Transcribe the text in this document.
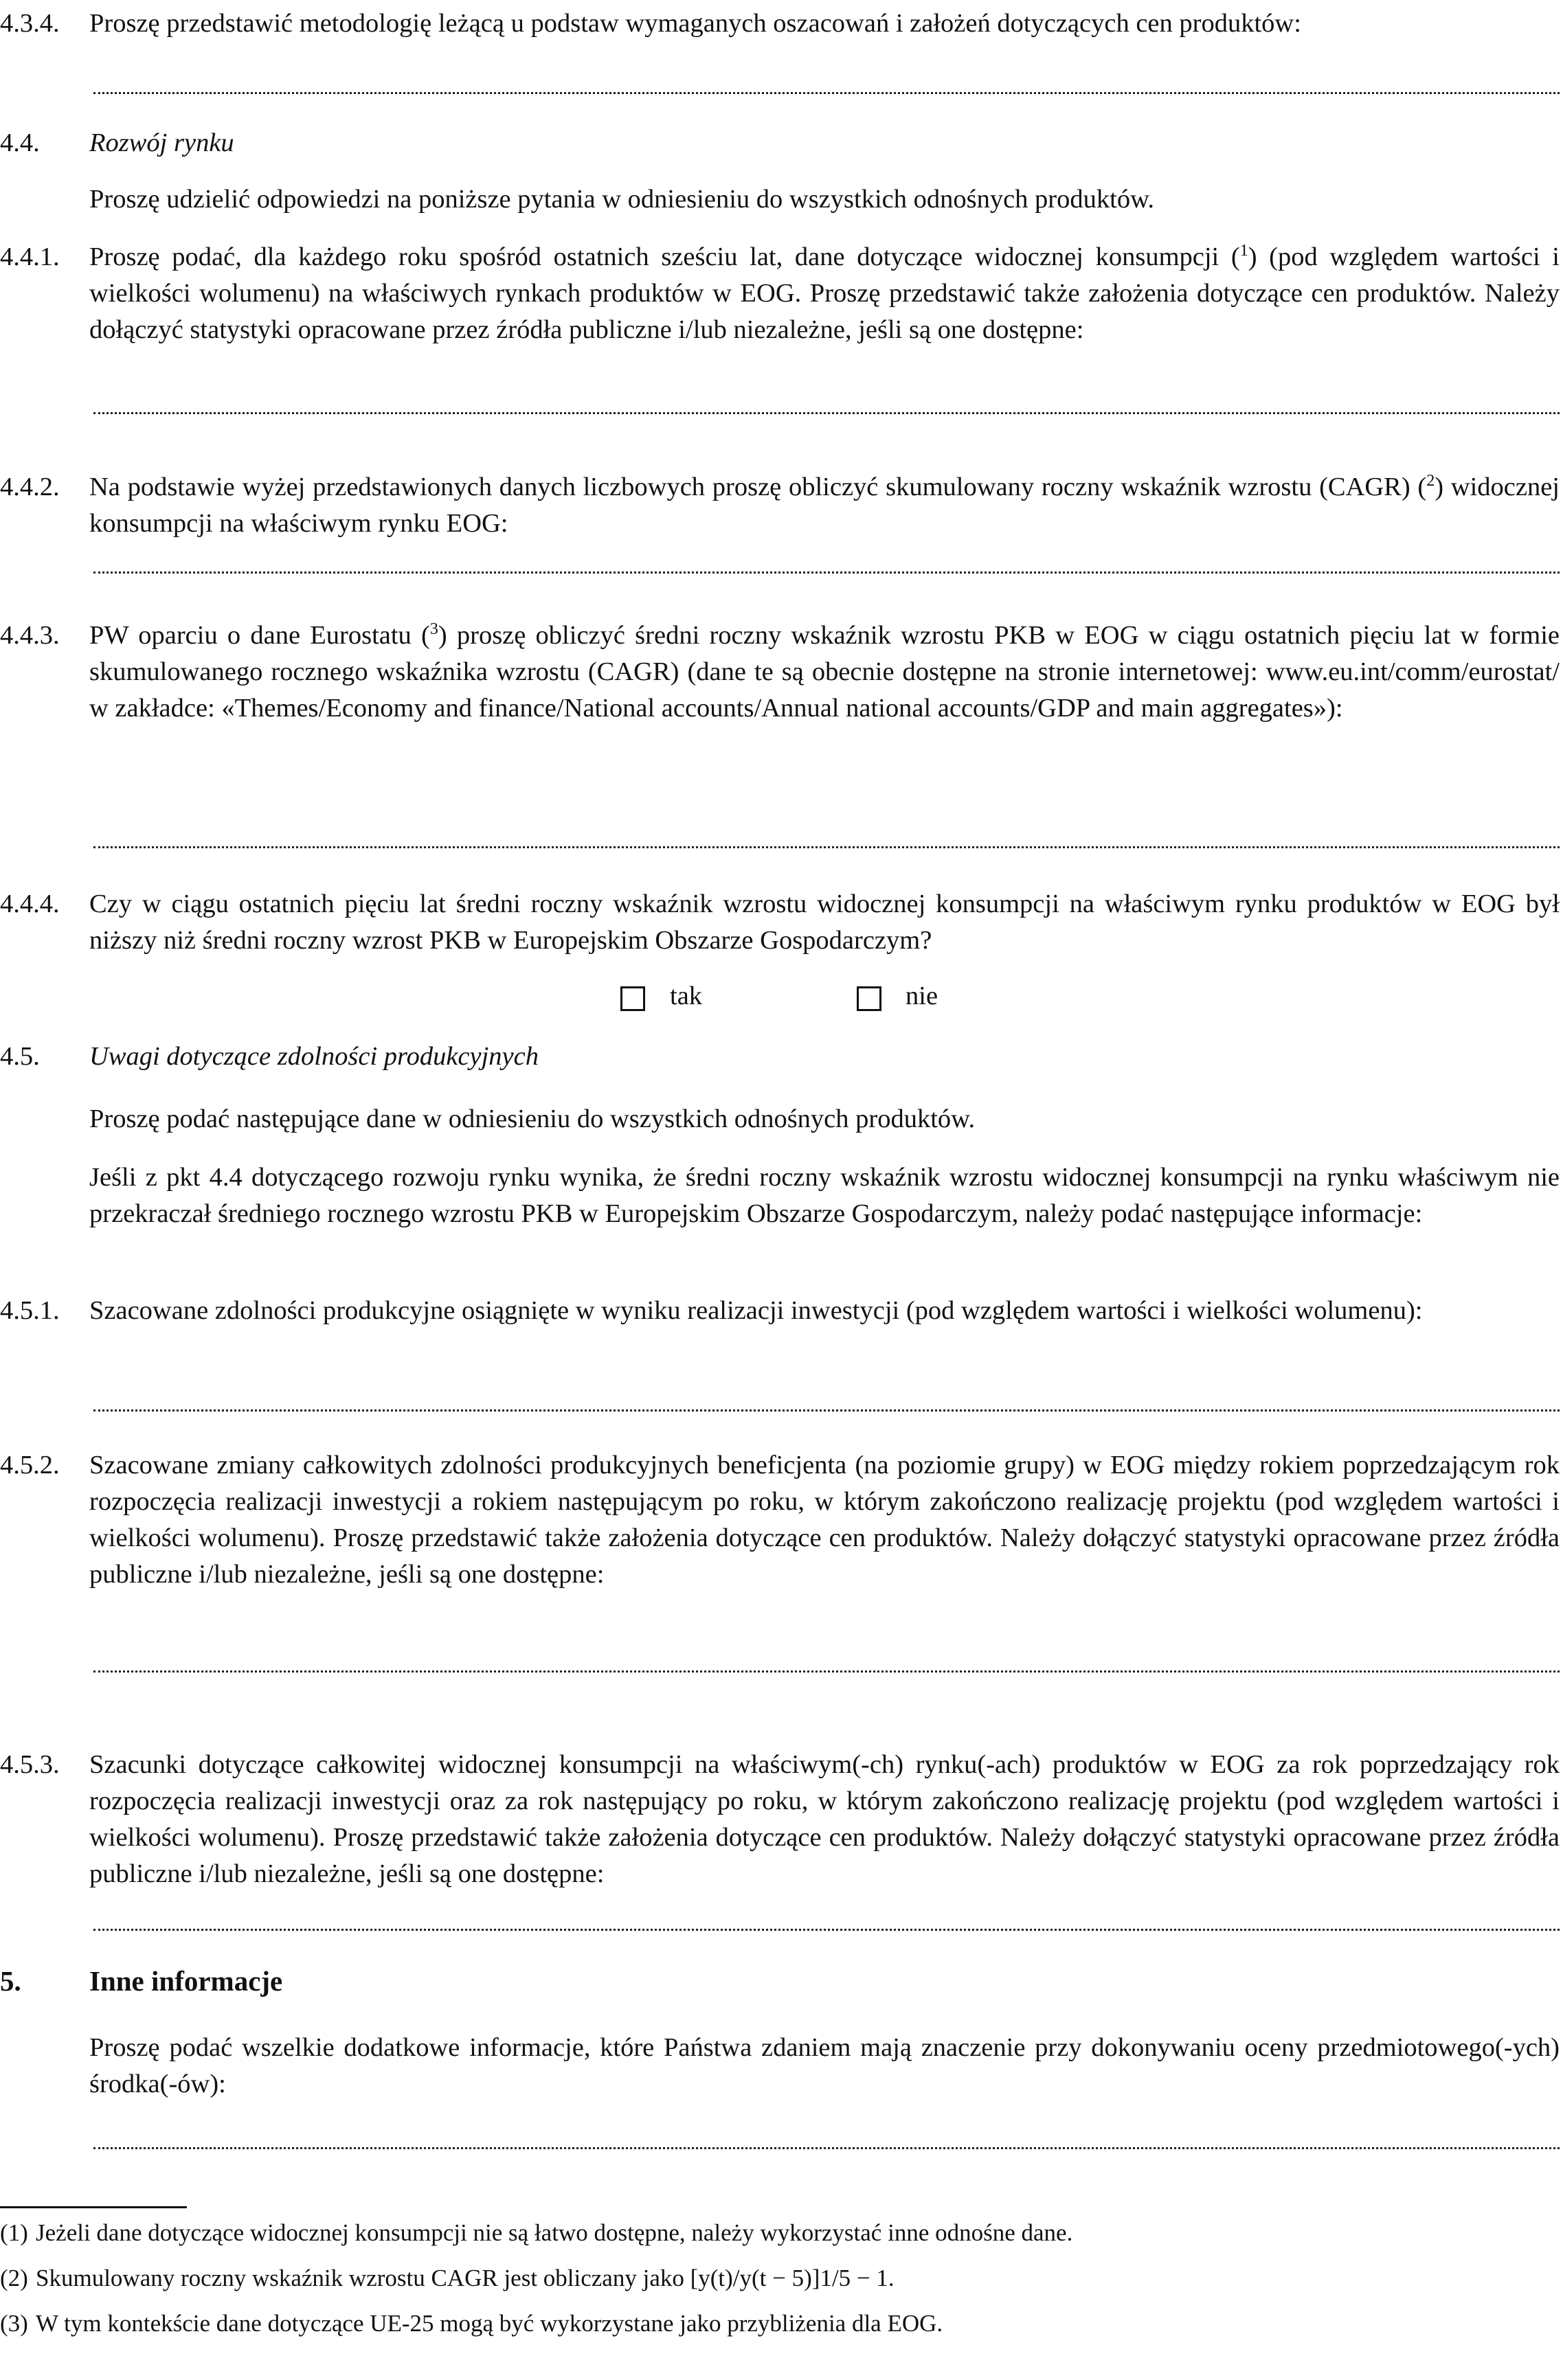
4.3.4. Proszę przedstawić metodologię leżącą u podstaw wymaganych oszacowań i założeń dotyczących cen produktów:
4.4. Rozwój rynku
Proszę udzielić odpowiedzi na poniższe pytania w odniesieniu do wszystkich odnośnych produktów.
4.4.1. Proszę podać, dla każdego roku spośród ostatnich sześciu lat, dane dotyczące widocznej konsumpcji ($^1$) (pod względem wartości i wielkości wolumenu) na właściwych rynkach produktów w EOG. Proszę przedstawić także założenia dotyczące cen produktów. Należy dołączyć statystyki opracowane przez źródła publiczne i/lub niezależne, jeśli są one dostępne:
4.4.2. Na podstawie wyżej przedstawionych danych liczbowych proszę obliczyć skumulowany roczny wskaźnik wzrostu (CAGR) ($^2$) widocznej konsumpcji na właściwym rynku EOG:
4.4.3. PW oparciu o dane Eurostatu ($^3$) proszę obliczyć średni roczny wskaźnik wzrostu PKB w EOG w ciągu ostatnich pięciu lat w formie skumulowanego rocznego wskaźnika wzrostu (CAGR) (dane te są obecnie dostępne na stronie internetowej: www.eu.int/comm/eurostat/ w zakładce: «Themes/Economy and finance/National accounts/Annual national accounts/GDP and main aggregates»):
4.4.4. Czy w ciągu ostatnich pięciu lat średni roczny wskaźnik wzrostu widocznej konsumpcji na właściwym rynku produktów w EOG był niższy niż średni roczny wzrost PKB w Europejskim Obszarze Gospodarczym?
tak	nie
4.5. Uwagi dotyczące zdolności produkcyjnych
Proszę podać następujące dane w odniesieniu do wszystkich odnośnych produktów.
Jeśli z pkt 4.4 dotyczącego rozwoju rynku wynika, że średni roczny wskaźnik wzrostu widocznej konsumpcji na rynku właściwym nie przekraczał średniego rocznego wzrostu PKB w Europejskim Obszarze Gospodarczym, należy podać następujące informacje:
4.5.1. Szacowane zdolności produkcyjne osiągnięte w wyniku realizacji inwestycji (pod względem wartości i wielkości wolumenu):
4.5.2. Szacowane zmiany całkowitych zdolności produkcyjnych beneficjenta (na poziomie grupy) w EOG między rokiem poprzedzającym rok rozpoczęcia realizacji inwestycji a rokiem następującym po roku, w którym zakończono realizację projektu (pod względem wartości i wielkości wolumenu). Proszę przedstawić także założenia dotyczące cen produktów. Należy dołączyć statystyki opracowane przez źródła publiczne i/lub niezależne, jeśli są one dostępne:
4.5.3. Szacunki dotyczące całkowitej widocznej konsumpcji na właściwym(-ch) rynku(-ach) produktów w EOG za rok poprzedzający rok rozpoczęcia realizacji inwestycji oraz za rok następujący po roku, w którym zakończono realizację projektu (pod względem wartości i wielkości wolumenu). Proszę przedstawić także założenia dotyczące cen produktów. Należy dołączyć statystyki opracowane przez źródła publiczne i/lub niezależne, jeśli są one dostępne:
5. Inne informacje
Proszę podać wszelkie dodatkowe informacje, które Państwa zdaniem mają znaczenie przy dokonywaniu oceny przedmiotowego(-ych) środka(-ów):
(1) Jeżeli dane dotyczące widocznej konsumpcji nie są łatwo dostępne, należy wykorzystać inne odnośne dane.
(2) Skumulowany roczny wskaźnik wzrostu CAGR jest obliczany jako [y(t)/y(t − 5)]1/5 − 1.
(3) W tym kontekście dane dotyczące UE-25 mogą być wykorzystane jako przybliżenia dla EOG.
